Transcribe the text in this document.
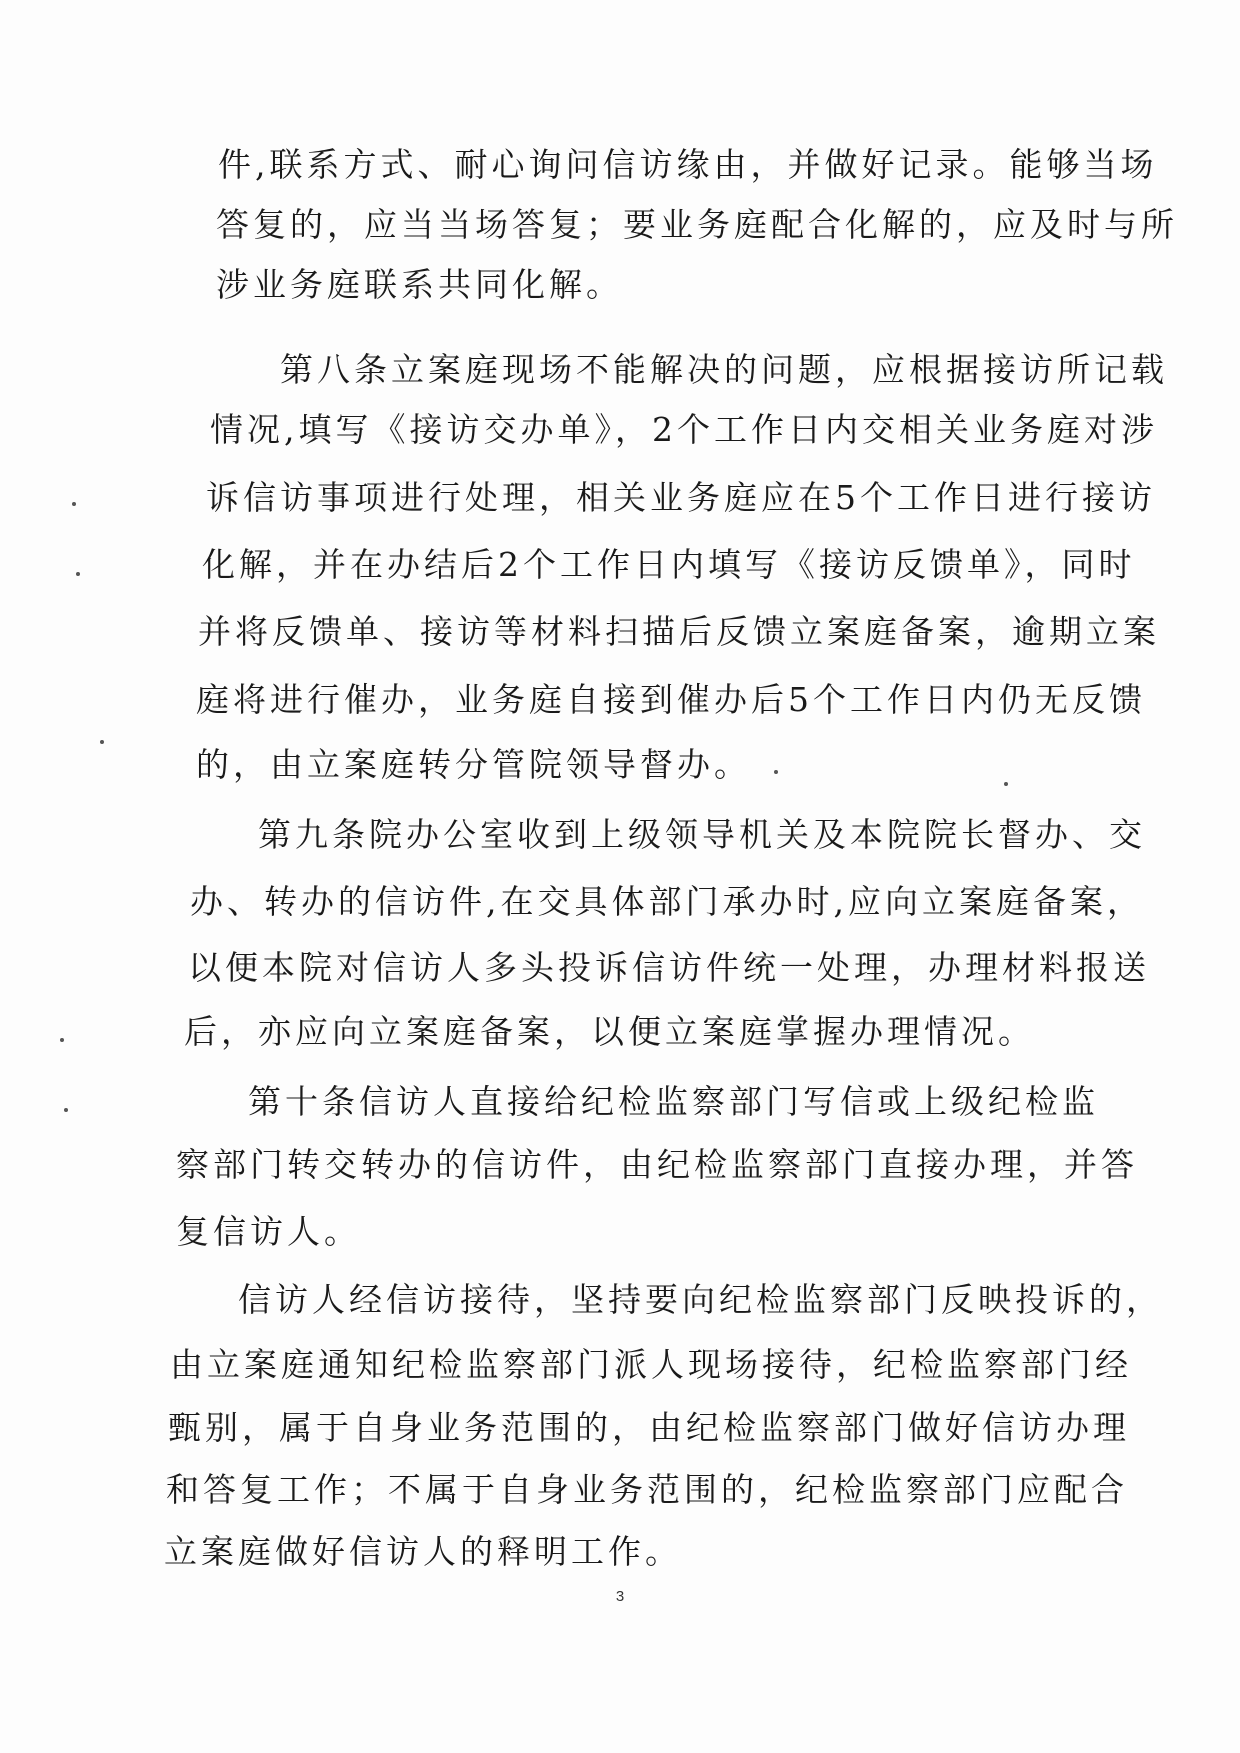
件,联系方式、耐心询问信访缘由，并做好记录。能够当场
答复的，应当当场答复；要业务庭配合化解的，应及时与所
涉业务庭联系共同化解。
第八条立案庭现场不能解决的问题，应根据接访所记载
情况,填写《接访交办单》，2个工作日内交相关业务庭对涉
诉信访事项进行处理，相关业务庭应在5个工作日进行接访
化解，并在办结后2个工作日内填写《接访反馈单》，同时
并将反馈单、接访等材料扫描后反馈立案庭备案，逾期立案
庭将进行催办，业务庭自接到催办后5个工作日内仍无反馈
的，由立案庭转分管院领导督办。
第九条院办公室收到上级领导机关及本院院长督办、交
办、转办的信访件,在交具体部门承办时,应向立案庭备案，
以便本院对信访人多头投诉信访件统一处理，办理材料报送
后，亦应向立案庭备案，以便立案庭掌握办理情况。
第十条信访人直接给纪检监察部门写信或上级纪检监
察部门转交转办的信访件，由纪检监察部门直接办理，并答
复信访人。
信访人经信访接待，坚持要向纪检监察部门反映投诉的，
由立案庭通知纪检监察部门派人现场接待，纪检监察部门经
甄别，属于自身业务范围的，由纪检监察部门做好信访办理
和答复工作；不属于自身业务范围的，纪检监察部门应配合
立案庭做好信访人的释明工作。
3
